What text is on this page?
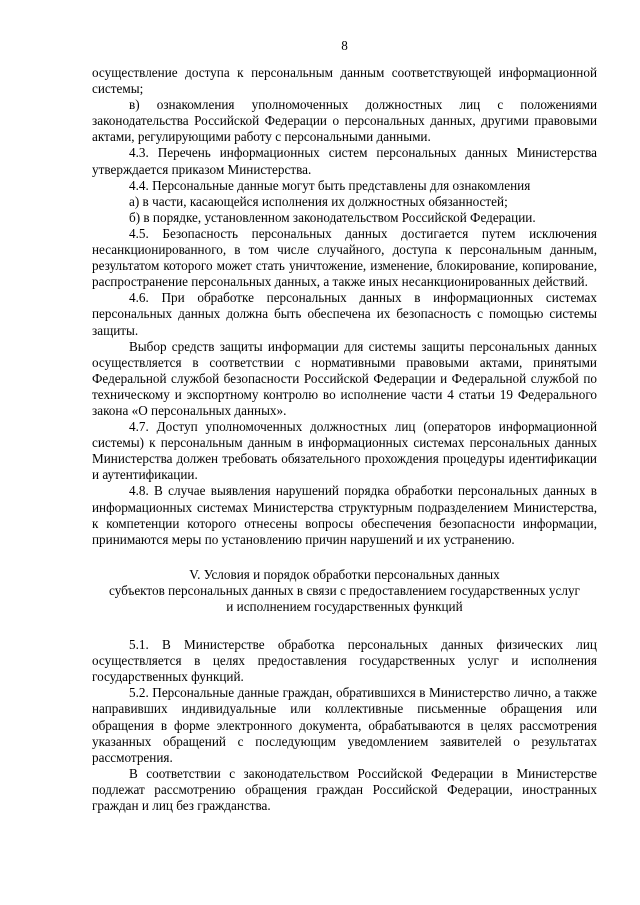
8

осуществление доступа к персональным данным соответствующей информационной системы;

в) ознакомления уполномоченных должностных лиц с положениями законодательства Российской Федерации о персональных данных, другими правовыми актами, регулирующими работу с персональными данными.

4.3. Перечень информационных систем персональных данных Министерства утверждается приказом Министерства.

4.4. Персональные данные могут быть представлены для ознакомления

а) в части, касающейся исполнения их должностных обязанностей;

б) в порядке, установленном законодательством Российской Федерации.

4.5. Безопасность персональных данных достигается путем исключения несанкционированного, в том числе случайного, доступа к персональным данным, результатом которого может стать уничтожение, изменение, блокирование, копирование, распространение персональных данных, а также иных несанкционированных действий.

4.6. При обработке персональных данных в информационных системах персональных данных должна быть обеспечена их безопасность с помощью системы защиты.

Выбор средств защиты информации для системы защиты персональных данных осуществляется в соответствии с нормативными правовыми актами, принятыми Федеральной службой безопасности Российской Федерации и Федеральной службой по техническому и экспортному контролю во исполнение части 4 статьи 19 Федерального закона «О персональных данных».

4.7. Доступ уполномоченных должностных лиц (операторов информационной системы) к персональным данным в информационных системах персональных данных Министерства должен требовать обязательного прохождения процедуры идентификации и аутентификации.

4.8. В случае выявления нарушений порядка обработки персональных данных в информационных системах Министерства структурным подразделением Министерства, к компетенции которого отнесены вопросы обеспечения безопасности информации, принимаются меры по установлению причин нарушений и их устранению.

V. Условия и порядок обработки персональных данных
субъектов персональных данных в связи с предоставлением государственных услуг
и исполнением государственных функций

5.1. В Министерстве обработка персональных данных физических лиц осуществляется в целях предоставления государственных услуг и исполнения государственных функций.

5.2. Персональные данные граждан, обратившихся в Министерство лично, а также направивших индивидуальные или коллективные письменные обращения или обращения в форме электронного документа, обрабатываются в целях рассмотрения указанных обращений с последующим уведомлением заявителей о результатах рассмотрения.

В соответствии с законодательством Российской Федерации в Министерстве подлежат рассмотрению обращения граждан Российской Федерации, иностранных граждан и лиц без гражданства.
